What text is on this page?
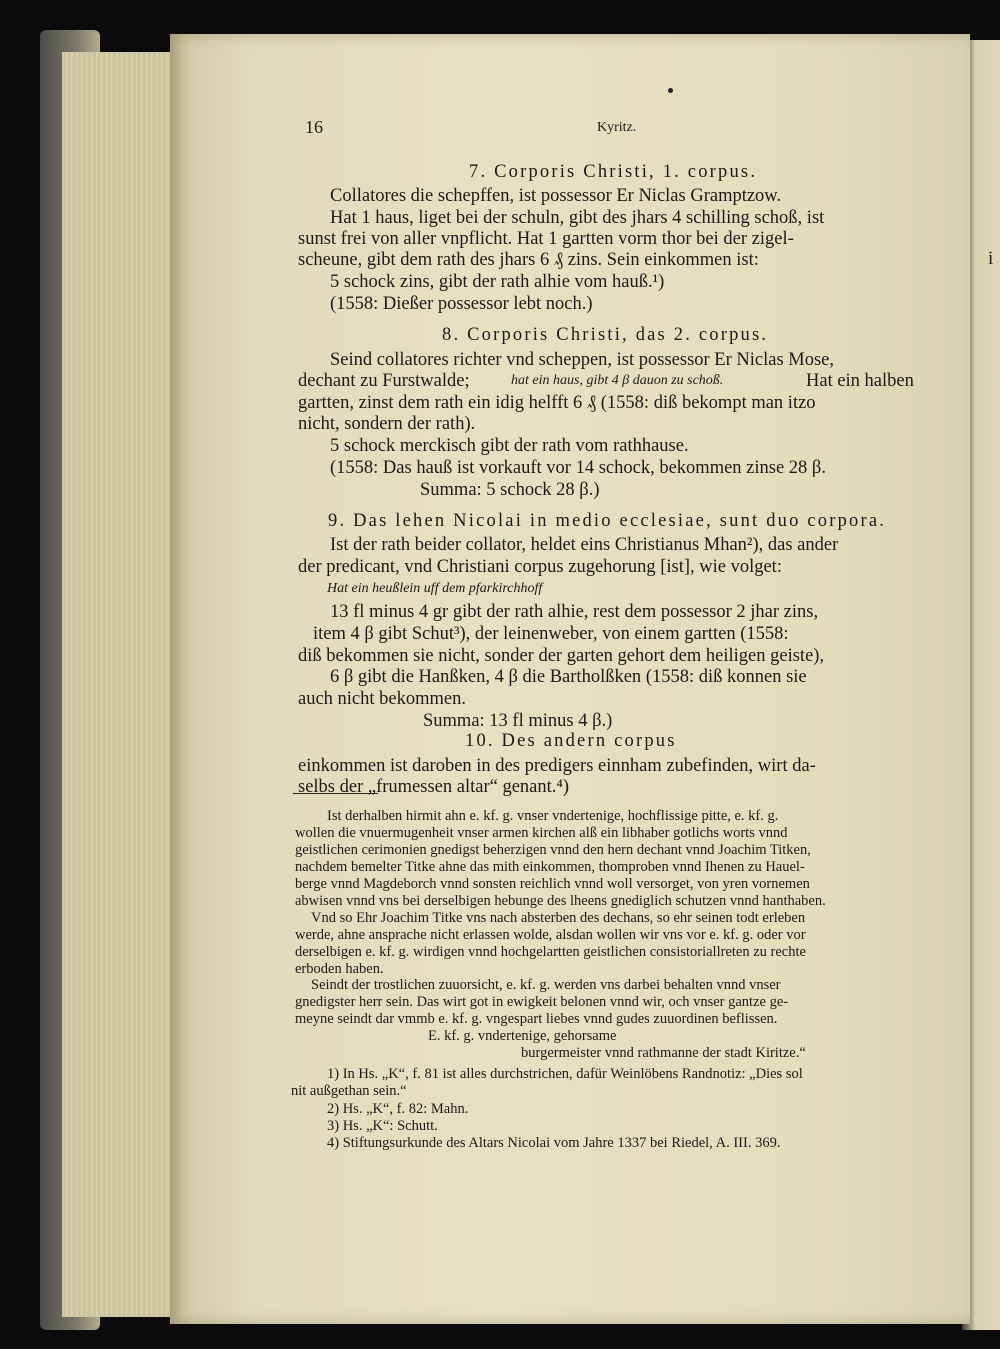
i
16	Kyritz.
7. Corporis Christi, 1. corpus.
Collatores die schepffen, ist possessor Er Niclas Gramptzow.
Hat 1 haus, liget bei der schuln, gibt des jhars 4 schilling schoß, ist
sunst frei von aller vnpflicht. Hat 1 gartten vorm thor bei der zigel-
scheune, gibt dem rath des jhars 6 ₰ zins. Sein einkommen ist:
5 schock zins, gibt der rath alhie vom hauß.¹)
(1558: Dießer possessor lebt noch.)
8. Corporis Christi, das 2. corpus.
Seind collatores richter vnd scheppen, ist possessor Er Niclas Mose,
dechant zu Furstwalde;	hat ein haus, gibt 4 β dauon zu schoß.	Hat ein halben
gartten, zinst dem rath ein idig helfft 6 ₰ (1558: diß bekompt man itzo
nicht, sondern der rath).
5 schock merckisch gibt der rath vom rathhause.
(1558: Das hauß ist vorkauft vor 14 schock, bekommen zinse 28 β.
Summa: 5 schock 28 β.)
9. Das lehen Nicolai in medio ecclesiae, sunt duo corpora.
Ist der rath beider collator, heldet eins Christianus Mhan²), das ander
der predicant, vnd Christiani corpus zugehorung [ist], wie volget:
Hat ein heußlein uff dem pfarkirchhoff
13 fl minus 4 gr gibt der rath alhie, rest dem possessor 2 jhar zins,
item 4 β gibt Schut³), der leinenweber, von einem gartten (1558:
diß bekommen sie nicht, sonder der garten gehort dem heiligen geiste),
6 β gibt die Hanßken, 4 β die Bartholßken (1558: diß konnen sie
auch nicht bekommen.
Summa: 13 fl minus 4 β.)
10. Des andern corpus
einkommen ist daroben in des predigers einnham zubefinden, wirt da-
selbs der „frumessen altar“ genant.⁴)
Ist derhalben hirmit ahn e. kf. g. vnser vndertenige, hochflissige pitte, e. kf. g.
wollen die vnuermugenheit vnser armen kirchen alß ein libhaber gotlichs worts vnnd
geistlichen cerimonien gnedigst beherzigen vnnd den hern dechant vnnd Joachim Titken,
nachdem bemelter Titke ahne das mith einkommen, thomproben vnnd Ihenen zu Hauel-
berge vnnd Magdeborch vnnd sonsten reichlich vnnd woll versorget, von yren vornemen
abwisen vnnd vns bei derselbigen hebunge des lheens gnediglich schutzen vnnd hanthaben.
Vnd so Ehr Joachim Titke vns nach absterben des dechans, so ehr seinen todt erleben
werde, ahne ansprache nicht erlassen wolde, alsdan wollen wir vns vor e. kf. g. oder vor
derselbigen e. kf. g. wirdigen vnnd hochgelartten geistlichen consistoriallreten zu rechte
erboden haben.
Seindt der trostlichen zuuorsicht, e. kf. g. werden vns darbei behalten vnnd vnser
gnedigster herr sein. Das wirt got in ewigkeit belonen vnnd wir, och vnser gantze ge-
meyne seindt dar vmmb e. kf. g. vngespart liebes vnnd gudes zuuordinen beflissen.
E. kf. g. vndertenige, gehorsame
burgermeister vnnd rathmanne der stadt Kiritze.“
1) In Hs. „K“, f. 81 ist alles durchstrichen, dafür Weinlöbens Randnotiz: „Dies sol
nit außgethan sein.“
2) Hs. „K“, f. 82: Mahn.
3) Hs. „K“: Schutt.
4) Stiftungsurkunde des Altars Nicolai vom Jahre 1337 bei Riedel, A. III. 369.
